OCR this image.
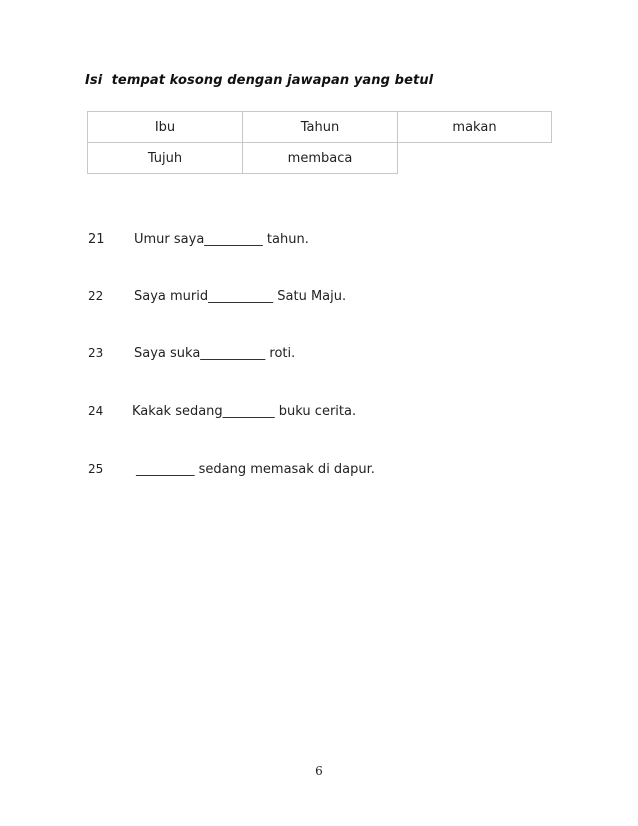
Isi  tempat kosong dengan jawapan yang betul
Ibu	Tahun	makan
Tujuh	membaca	
21 Umur saya_________ tahun.
22 Saya murid__________ Satu Maju.
23 Saya suka__________ roti.
24 Kakak sedang________ buku cerita.
25	_________ sedang memasak di dapur.
6
